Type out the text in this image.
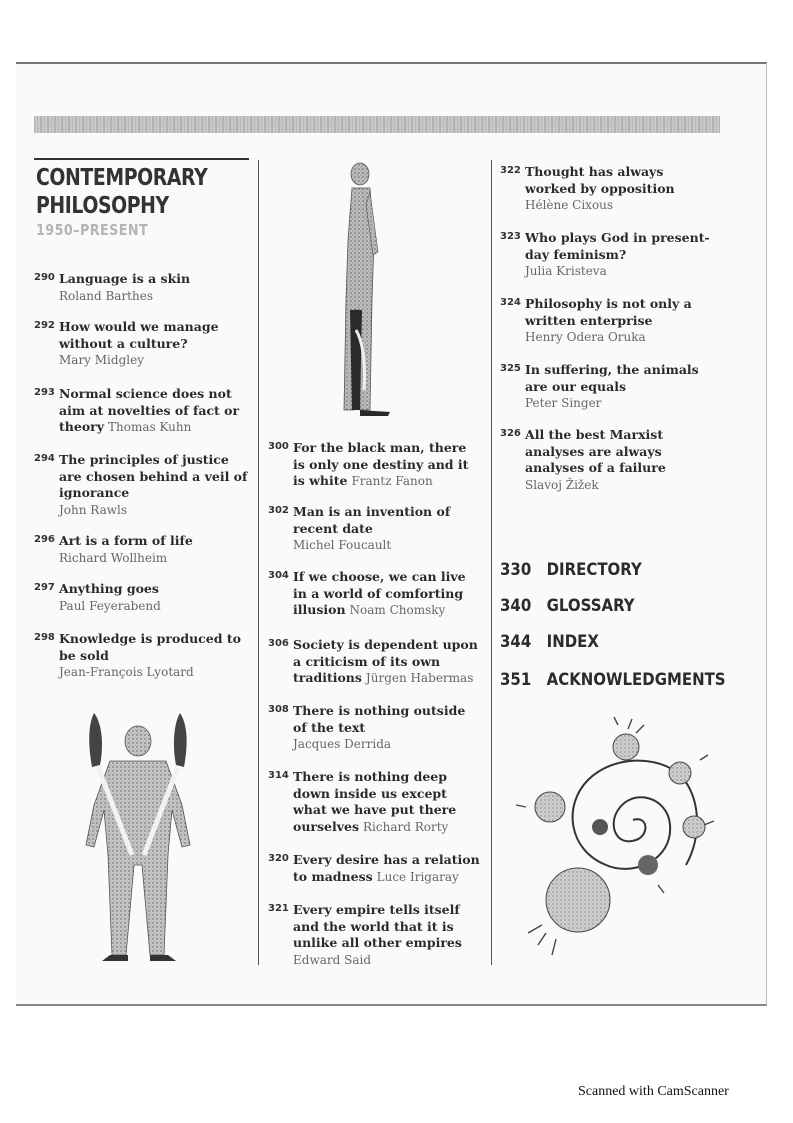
CONTEMPORARY
PHILOSOPHY
1950–PRESENT
290 Language is a skin
Roland Barthes
292 How would we manage without a culture?
Mary Midgley
293 Normal science does not aim at novelties of fact or theory Thomas Kuhn
294 The principles of justice are chosen behind a veil of ignorance
John Rawls
296 Art is a form of life
Richard Wollheim
297 Anything goes
Paul Feyerabend
298 Knowledge is produced to be sold
Jean-François Lyotard
300 For the black man, there is only one destiny and it is white Frantz Fanon
302 Man is an invention of recent date
Michel Foucault
304 If we choose, we can live in a world of comforting illusion Noam Chomsky
306 Society is dependent upon a criticism of its own traditions Jürgen Habermas
308 There is nothing outside of the text
Jacques Derrida
314 There is nothing deep down inside us except what we have put there ourselves Richard Rorty
320 Every desire has a relation to madness Luce Irigaray
321 Every empire tells itself and the world that it is unlike all other empires
Edward Said
322 Thought has always worked by opposition
Hélène Cixous
323 Who plays God in present-day feminism?
Julia Kristeva
324 Philosophy is not only a written enterprise
Henry Odera Oruka
325 In suffering, the animals are our equals
Peter Singer
326 All the best Marxist analyses are always analyses of a failure
Slavoj Žižek
330 DIRECTORY
340 GLOSSARY
344 INDEX
351 ACKNOWLEDGMENTS
Scanned with CamScanner
